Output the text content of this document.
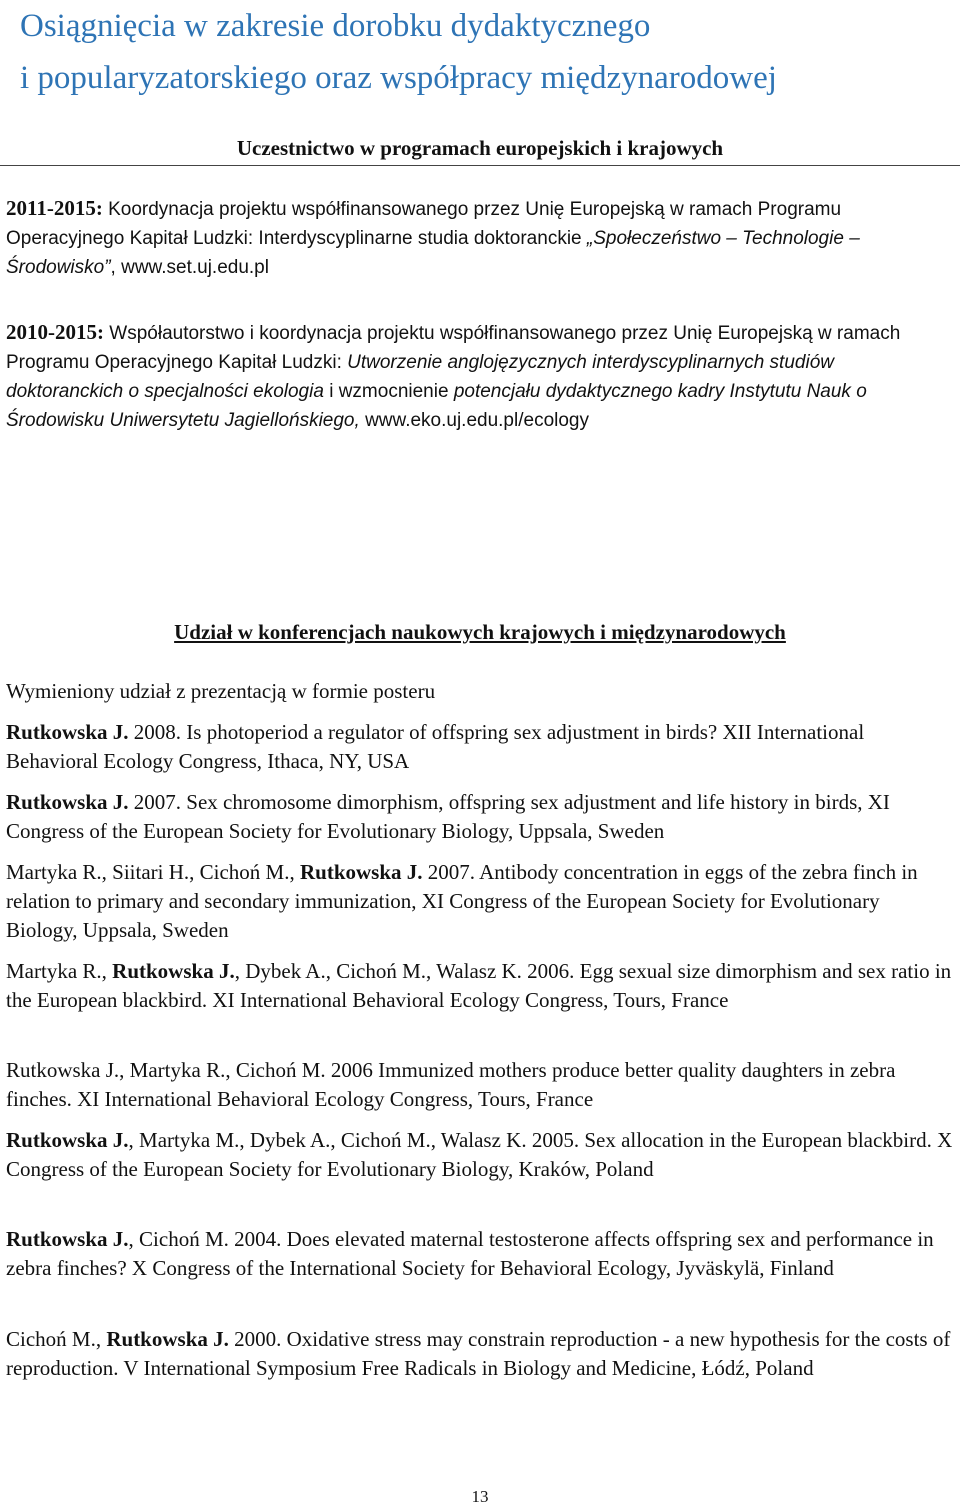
Osiągnięcia w zakresie dorobku dydaktycznego
i popularyzatorskiego oraz współpracy międzynarodowej
Uczestnictwo w programach europejskich i krajowych

2011-2015: Koordynacja projektu współfinansowanego przez Unię Europejską w ramach Programu Operacyjnego Kapitał Ludzki: Interdyscyplinarne studia doktoranckie „Społeczeństwo – Technologie – Środowisko”, www.set.uj.edu.pl

2010-2015: Współautorstwo i koordynacja projektu współfinansowanego przez Unię Europejską w ramach Programu Operacyjnego Kapitał Ludzki: Utworzenie anglojęzycznych interdyscyplinarnych studiów doktoranckich o specjalności ekologia i wzmocnienie potencjału dydaktycznego kadry Instytutu Nauk o Środowisku Uniwersytetu Jagiellońskiego, www.eko.uj.edu.pl/ecology

Udział w konferencjach naukowych krajowych i międzynarodowych

Wymieniony udział z prezentacją w formie posteru

Rutkowska J. 2008. Is photoperiod a regulator of offspring sex adjustment in birds? XII International Behavioral Ecology Congress, Ithaca, NY, USA

Rutkowska J. 2007. Sex chromosome dimorphism, offspring sex adjustment and life history in birds, XI Congress of the European Society for Evolutionary Biology, Uppsala, Sweden

Martyka R., Siitari H., Cichoń M., Rutkowska J. 2007. Antibody concentration in eggs of the zebra finch in relation to primary and secondary immunization, XI Congress of the European Society for Evolutionary Biology, Uppsala, Sweden

Martyka R., Rutkowska J., Dybek A., Cichoń M., Walasz K. 2006. Egg sexual size dimorphism and sex ratio in the European blackbird. XI International Behavioral Ecology Congress, Tours, France

Rutkowska J., Martyka R., Cichoń M. 2006 Immunized mothers produce better quality daughters in zebra finches. XI International Behavioral Ecology Congress, Tours, France

Rutkowska J., Martyka M., Dybek A., Cichoń M., Walasz K. 2005. Sex allocation in the European blackbird. X Congress of the European Society for Evolutionary Biology, Kraków, Poland

Rutkowska J., Cichoń M. 2004. Does elevated maternal testosterone affects offspring sex and performance in zebra finches? X Congress of the International Society for Behavioral Ecology, Jyväskylä, Finland

Cichoń M., Rutkowska J. 2000. Oxidative stress may constrain reproduction - a new hypothesis for the costs of reproduction. V International Symposium Free Radicals in Biology and Medicine, Łódź, Poland

13
